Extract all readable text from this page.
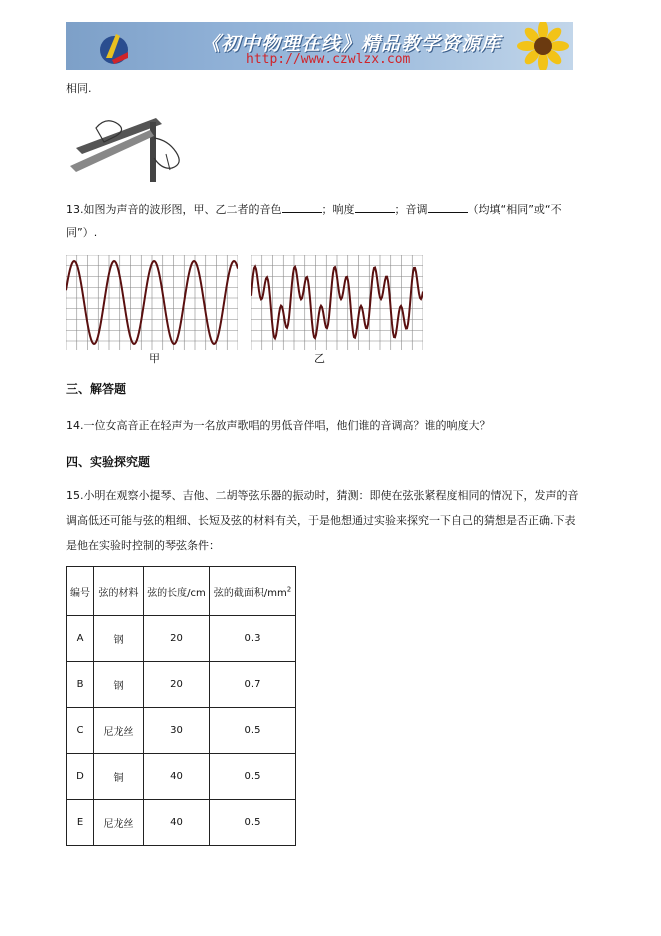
《初中物理在线》精品教学资源库
http://www.czwlzx.com
相同.
13.如图为声音的波形图，甲、乙二者的音色	；响度	；音调	（均填“相同”或“不
同”）.
甲	乙
三、解答题
14.一位女高音正在轻声为一名放声歌唱的男低音伴唱，他们谁的音调高？谁的响度大？
四、实验探究题
15.小明在观察小提琴、吉他、二胡等弦乐器的振动时，猜测：即使在弦张紧程度相同的情况下，发声的音
调高低还可能与弦的粗细、长短及弦的材料有关，于是他想通过实验来探究一下自己的猜想是否正确.下表
是他在实验时控制的琴弦条件：
编号	弦的材料	弦的长度/cm	弦的截面积$/mm^2$
A	钢	20	0.3
B	钢	20	0.7
C	尼龙丝	30	0.5
D	铜	40	0.5
E	尼龙丝	40	0.5
